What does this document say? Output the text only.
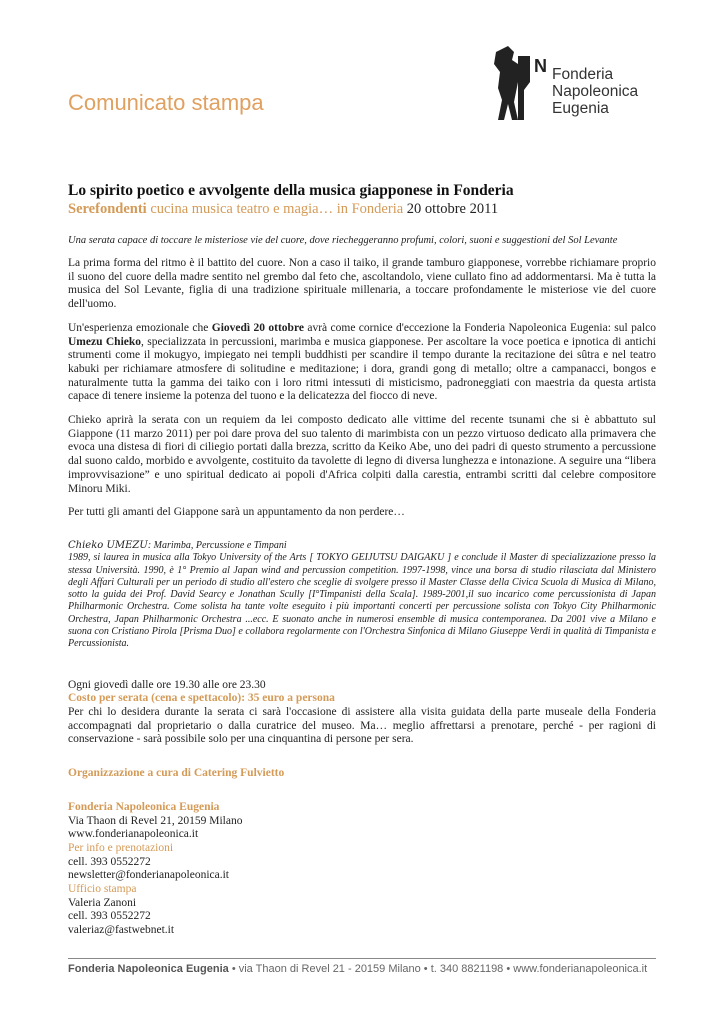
N Fonderia
Napoleonica
Eugenia
Comunicato stampa

Lo spirito poetico e avvolgente della musica giapponese in Fonderia

Serefondenti cucina musica teatro e magia… in Fonderia 20 ottobre 2011

Una serata capace di toccare le misteriose vie del cuore, dove riecheggeranno profumi, colori, suoni e suggestioni del Sol Levante

La prima forma del ritmo è il battito del cuore. Non a caso il taiko, il grande tamburo giapponese, vorrebbe richiamare proprio il suono del cuore della madre sentito nel grembo dal feto che, ascoltandolo, viene cullato fino ad addormentarsi. Ma è tutta la musica del Sol Levante, figlia di una tradizione spirituale millenaria, a toccare profondamente le misteriose vie del cuore dell'uomo.

Un'esperienza emozionale che Giovedì 20 ottobre avrà come cornice d'eccezione la Fonderia Napoleonica Eugenia: sul palco Umezu Chieko, specializzata in percussioni, marimba e musica giapponese. Per ascoltare la voce poetica e ipnotica di antichi strumenti come il mokugyo, impiegato nei templi buddhisti per scandire il tempo durante la recitazione dei sûtra e nel teatro kabuki per richiamare atmosfere di solitudine e meditazione; i dora, grandi gong di metallo; oltre a campanacci, bongos e naturalmente tutta la gamma dei taiko con i loro ritmi intessuti di misticismo, padroneggiati con maestria da questa artista capace di tenere insieme la potenza del tuono e la delicatezza del fiocco di neve.

Chieko aprirà la serata con un requiem da lei composto dedicato alle vittime del recente tsunami che si è abbattuto sul Giappone (11 marzo 2011) per poi dare prova del suo talento di marimbista con un pezzo virtuoso dedicato alla primavera che evoca una distesa di fiori di ciliegio portati dalla brezza, scritto da Keiko Abe, uno dei padri di questo strumento a percussione dal suono caldo, morbido e avvolgente, costituito da tavolette di legno di diversa lunghezza e intonazione. A seguire una “libera improvvisazione” e uno spiritual dedicato ai popoli d'Africa colpiti dalla carestia, entrambi scritti dal celebre compositore Minoru Miki.

Per tutti gli amanti del Giappone sarà un appuntamento da non perdere…

Chieko UMEZU: Marimba, Percussione e Timpani
1989, si laurea in musica alla Tokyo University of the Arts [ TOKYO GEIJUTSU DAIGAKU ] e conclude il Master di specializzazione presso la stessa Università. 1990, è 1° Premio al Japan wind and percussion competition. 1997-1998, vince una borsa di studio rilasciata dal Ministero degli Affari Culturali per un periodo di studio all'estero che sceglie di svolgere presso il Master Classe della Civica Scuola di Musica di Milano, sotto la guida dei Prof. David Searcy e Jonathan Scully [I°Timpanisti della Scala]. 1989-2001,il suo incarico come percussionista di Japan Philharmonic Orchestra. Come solista ha tante volte eseguito i più importanti concerti per percussione solista con Tokyo City Philharmonic Orchestra, Japan Philharmonic Orchestra ...ecc. E suonato anche in numerosi ensemble di musica contemporanea. Da 2001 vive a Milano e suona con Cristiano Pirola [Prisma Duo] e collabora regolarmente con l'Orchestra Sinfonica di Milano Giuseppe Verdi in qualità di Timpanista e Percussionista.

Ogni giovedì dalle ore 19.30 alle ore 23.30

Costo per serata (cena e spettacolo): 35 euro a persona

Per chi lo desidera durante la serata ci sarà l'occasione di assistere alla visita guidata della parte museale della Fonderia accompagnati dal proprietario o dalla curatrice del museo. Ma… meglio affrettarsi a prenotare, perché - per ragioni di conservazione - sarà possibile solo per una cinquantina di persone per sera.

Organizzazione a cura di Catering Fulvietto

Fonderia Napoleonica Eugenia

Via Thaon di Revel 21, 20159 Milano

www.fonderianapoleonica.it

Per info e prenotazioni

cell. 393 0552272

newsletter@fonderianapoleonica.it

Ufficio stampa

Valeria Zanoni

cell. 393 0552272

valeriaz@fastwebnet.it

Fonderia Napoleonica Eugenia • via Thaon di Revel 21 - 20159 Milano • t. 340 8821198 • www.fonderianapoleonica.it
